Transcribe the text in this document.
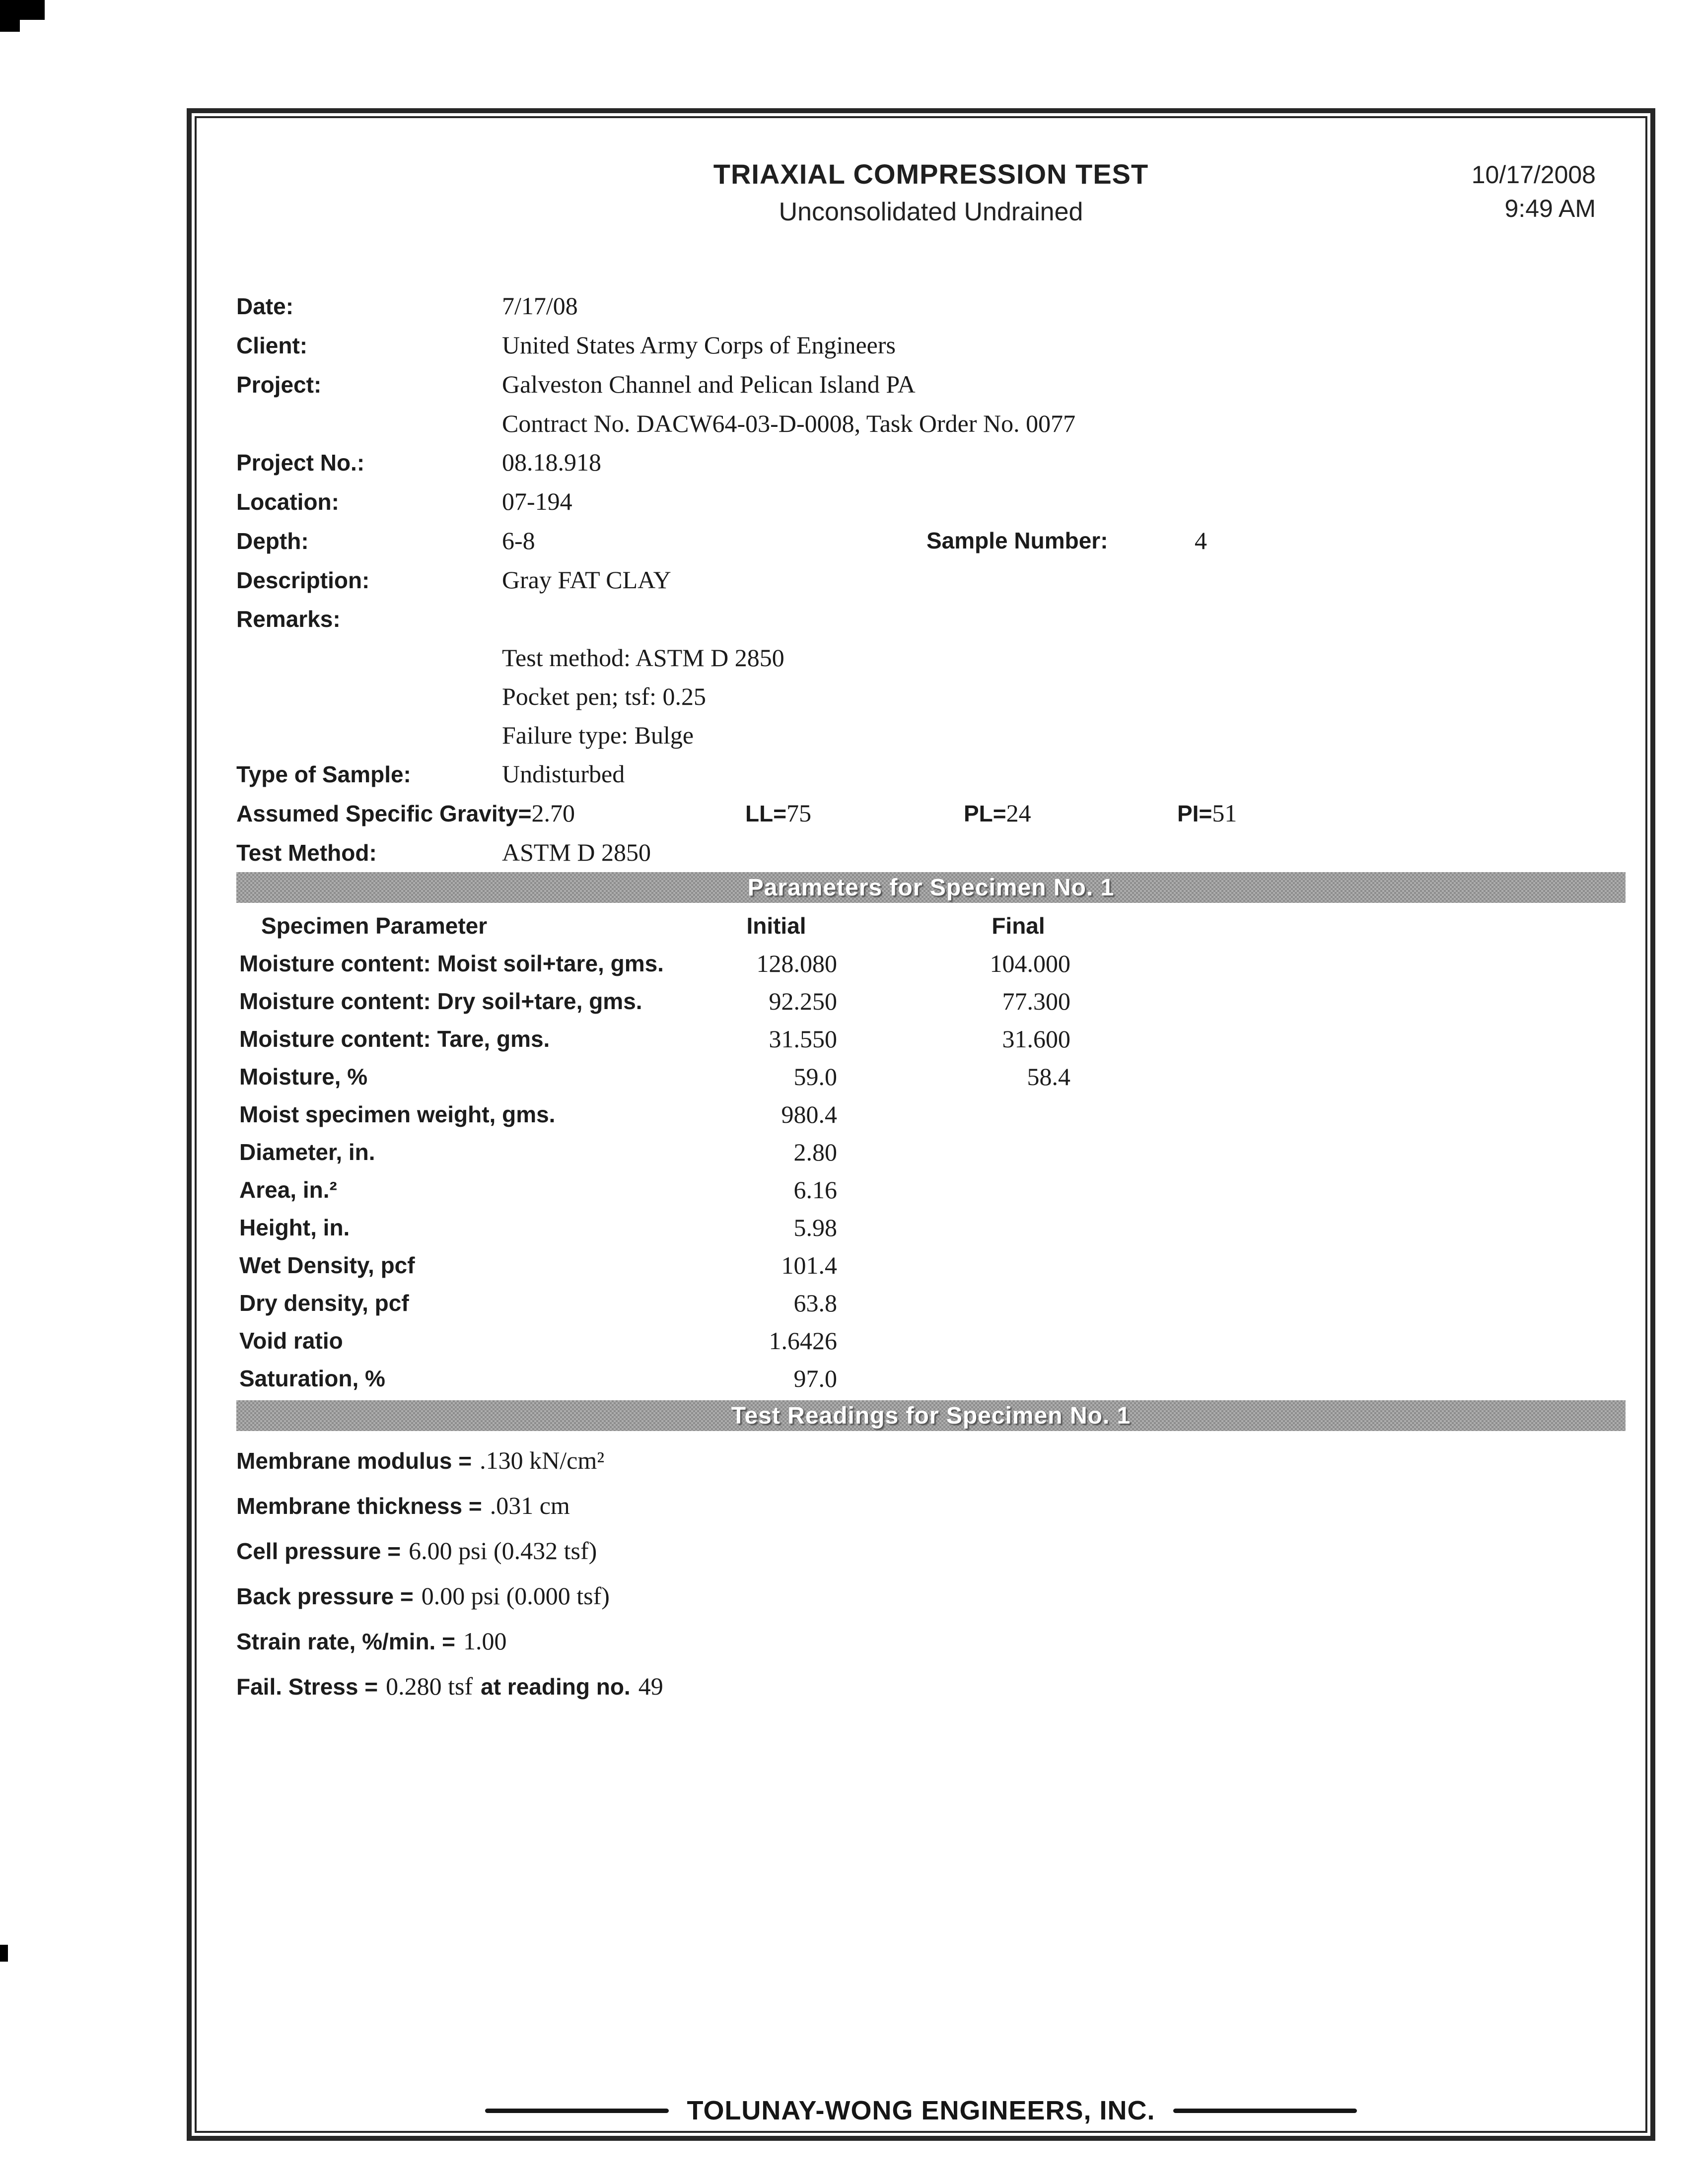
TRIAXIAL COMPRESSION TEST
Unconsolidated Undrained
10/17/2008
9:49 AM
Date:	7/17/08
Client:	United States Army Corps of Engineers
Project:	Galveston Channel and Pelican Island PA
Contract No. DACW64-03-D-0008, Task Order No. 0077
Project No.:	08.18.918
Location:	07-194
Depth:	6-8	Sample Number:	4
Description:	Gray FAT CLAY
Remarks:
Test method: ASTM D 2850
Pocket pen; tsf: 0.25
Failure type: Bulge
Type of Sample:	Undisturbed
Assumed Specific Gravity= 2.70	LL=75	PL=24	PI=51
Test Method:	ASTM D 2850
Parameters for Specimen No. 1
Specimen Parameter	Initial	Final
Moisture content: Moist soil+tare, gms.	128.080	104.000
Moisture content: Dry soil+tare, gms.	92.250	77.300
Moisture content: Tare, gms.	31.550	31.600
Moisture, %	59.0	58.4
Moist specimen weight, gms.	980.4
Diameter, in.	2.80
Area, in.²	6.16
Height, in.	5.98
Wet Density, pcf	101.4
Dry density, pcf	63.8
Void ratio	1.6426
Saturation, %	97.0
Test Readings for Specimen No. 1
Membrane modulus = .130 kN/cm²
Membrane thickness = .031 cm
Cell pressure = 6.00 psi (0.432 tsf)
Back pressure = 0.00 psi (0.000 tsf)
Strain rate, %/min. = 1.00
Fail. Stress = 0.280 tsf at reading no. 49
TOLUNAY-WONG ENGINEERS, INC.
